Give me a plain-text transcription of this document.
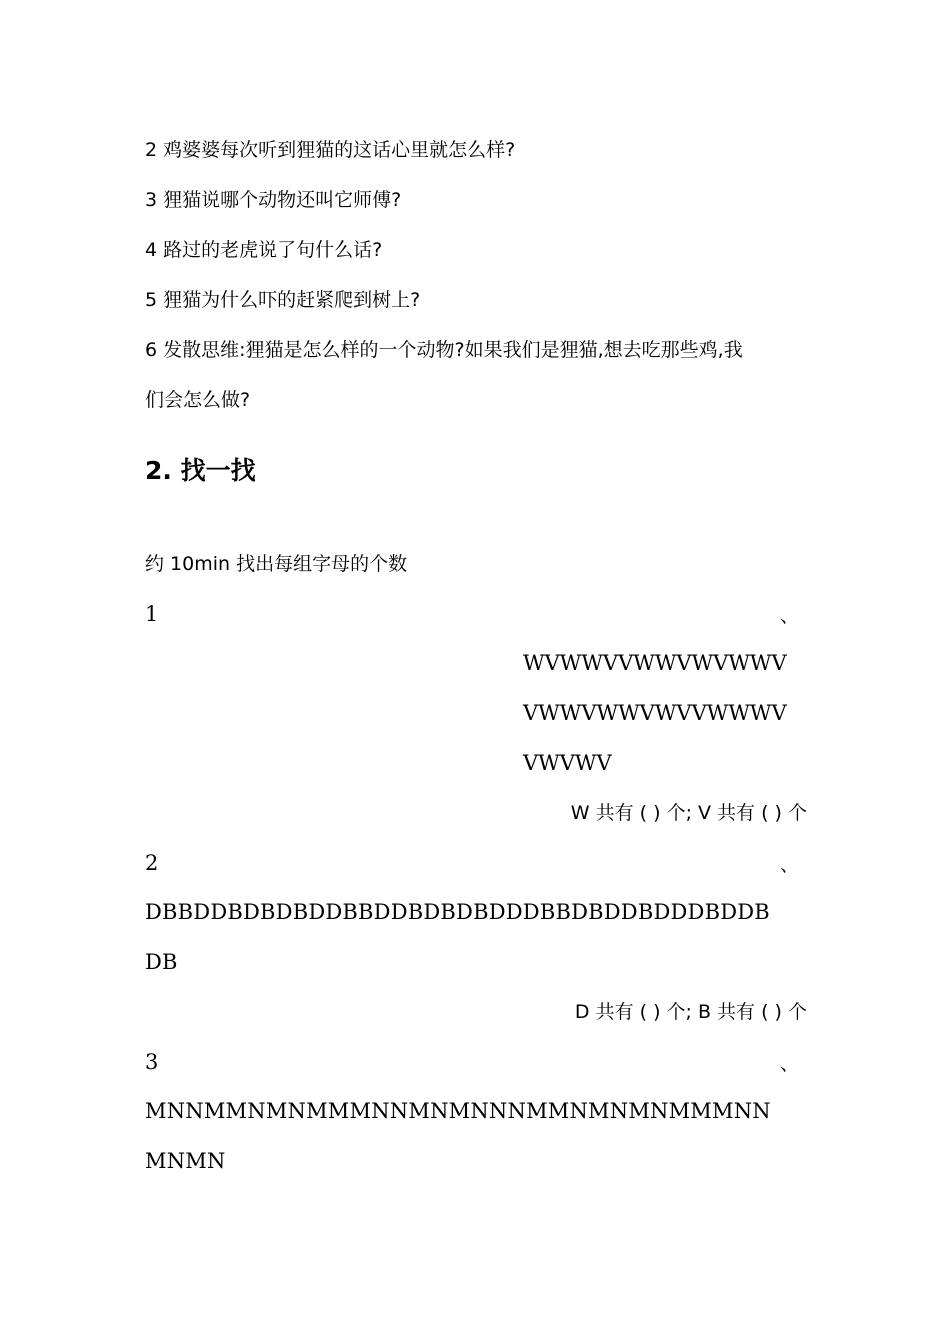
2 鸡婆婆每次听到狸猫的这话心里就怎么样?
3 狸猫说哪个动物还叫它师傅?
4 路过的老虎说了句什么话?
5 狸猫为什么吓的赶紧爬到树上?
6 发散思维:狸猫是怎么样的一个动物?如果我们是狸猫,想去吃那些鸡,我
们会怎么做?
2. 找一找
约 10min 找出每组字母的个数
1	、
WVWWVVWWVWVWWV
VWWVWWVWVVWWWV
VWVWV
W 共有 ( ) 个; V 共有 ( ) 个
2	、
DBBDDBDBDBDDBBDDBDBDBDDDBBDBDDBDDDBDDB
DB
D 共有 ( ) 个; B 共有 ( ) 个
3	、
MNNMMNMNMMMNNMNMNNNMMNMNMNMMMNN
MNMN
